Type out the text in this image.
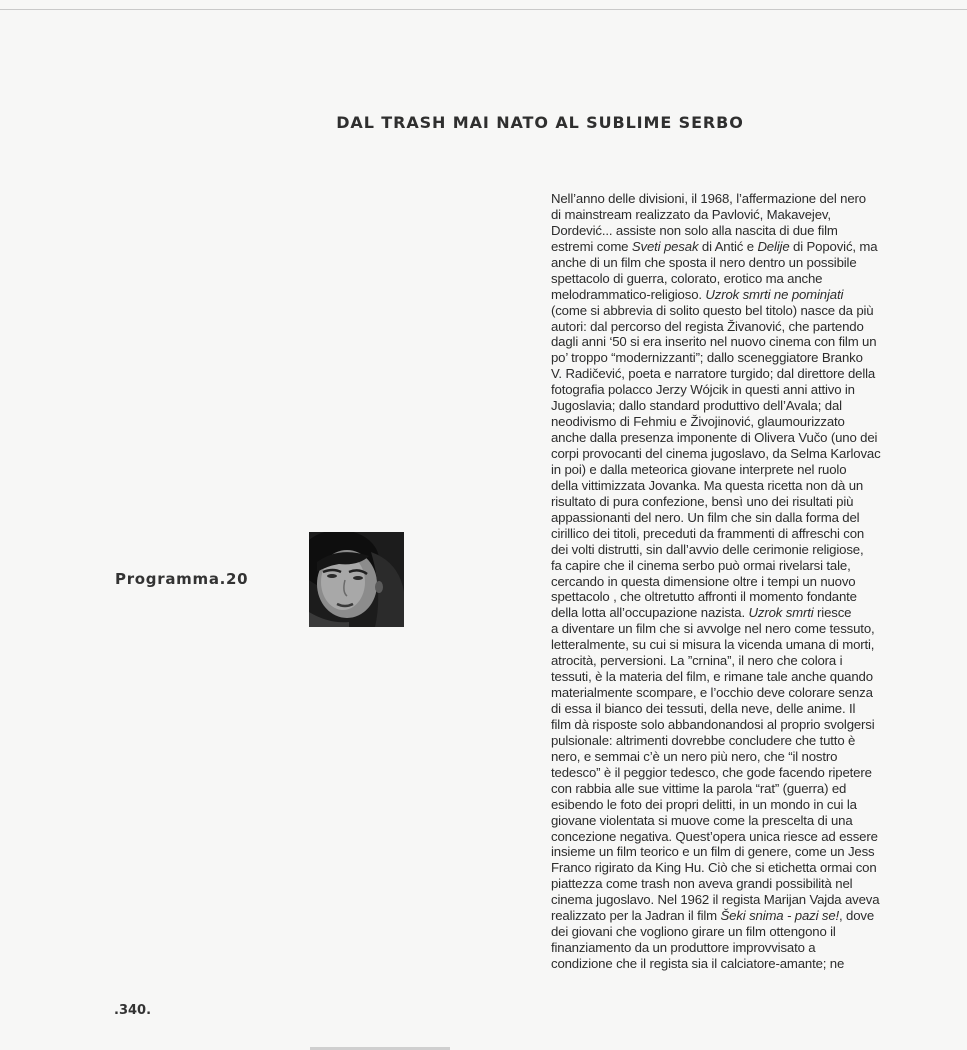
DAL TRASH MAI NATO AL SUBLIME SERBO
Programma.20
Nell’anno delle divisioni, il 1968, l’affermazione del nero
di mainstream realizzato da Pavlović, Makavejev,
Dordević... assiste non solo alla nascita di due film
estremi come Sveti pesak di Antić e Delije di Popović, ma
anche di un film che sposta il nero dentro un possibile
spettacolo di guerra, colorato, erotico ma anche
melodrammatico-religioso. Uzrok smrti ne pominjati
(come si abbrevia di solito questo bel titolo) nasce da più
autori: dal percorso del regista Živanović, che partendo
dagli anni ‘50 si era inserito nel nuovo cinema con film un
po’ troppo “modernizzanti”; dallo sceneggiatore Branko
V. Radičević, poeta e narratore turgido; dal direttore della
fotografia polacco Jerzy Wójcik in questi anni attivo in
Jugoslavia; dallo standard produttivo dell’Avala; dal
neodivismo di Fehmiu e Živojinović, glaumourizzato
anche dalla presenza imponente di Olivera Vučo (uno dei
corpi provocanti del cinema jugoslavo, da Selma Karlovac
in poi) e dalla meteorica giovane interprete nel ruolo
della vittimizzata Jovanka. Ma questa ricetta non dà un
risultato di pura confezione, bensì uno dei risultati più
appassionanti del nero. Un film che sin dalla forma del
cirillico dei titoli, preceduti da frammenti di affreschi con
dei volti distrutti, sin dall’avvio delle cerimonie religiose,
fa capire che il cinema serbo può ormai rivelarsi tale,
cercando in questa dimensione oltre i tempi un nuovo
spettacolo , che oltretutto affronti il momento fondante
della lotta all’occupazione nazista. Uzrok smrti riesce
a diventare un film che si avvolge nel nero come tessuto,
letteralmente, su cui si misura la vicenda umana di morti,
atrocità, perversioni. La ”crnina”, il nero che colora i
tessuti, è la materia del film, e rimane tale anche quando
materialmente scompare, e l’occhio deve colorare senza
di essa il bianco dei tessuti, della neve, delle anime. Il
film dà risposte solo abbandonandosi al proprio svolgersi
pulsionale: altrimenti dovrebbe concludere che tutto è
nero, e semmai c’è un nero più nero, che “il nostro
tedesco” è il peggior tedesco, che gode facendo ripetere
con rabbia alle sue vittime la parola “rat” (guerra) ed
esibendo le foto dei propri delitti, in un mondo in cui la
giovane violentata si muove come la prescelta di una
concezione negativa. Quest’opera unica riesce ad essere
insieme un film teorico e un film di genere, come un Jess
Franco rigirato da King Hu. Ciò che si etichetta ormai con
piattezza come trash non aveva grandi possibilità nel
cinema jugoslavo. Nel 1962 il regista Marijan Vajda aveva
realizzato per la Jadran il film Šeki snima - pazi se!, dove
dei giovani che vogliono girare un film ottengono il
finanziamento da un produttore improvvisato a
condizione che il regista sia il calciatore-amante; ne
.340.
